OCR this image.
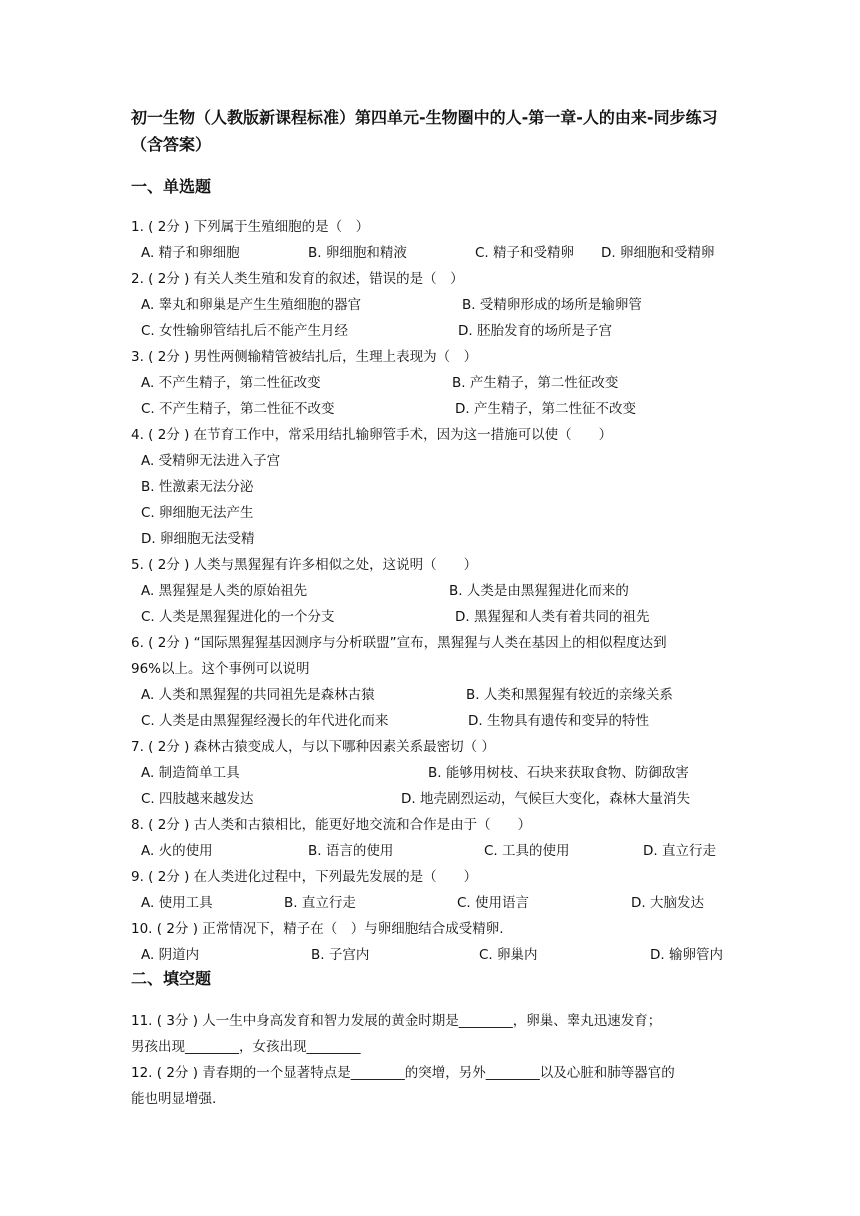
初一生物（人教版新课程标准）第四单元-生物圈中的人-第一章-人的由来-同步练习（含答案）
一、单选题
1. ( 2分 ) 下列属于生殖细胞的是（　）
A. 精子和卵细胞	B. 卵细胞和精液	C. 精子和受精卵 D. 卵细胞和受精卵
2. ( 2分 ) 有关人类生殖和发育的叙述，错误的是（　）
A. 睾丸和卵巢是产生生殖细胞的器官	B. 受精卵形成的场所是输卵管
C. 女性输卵管结扎后不能产生月经	D. 胚胎发育的场所是子宫
3. ( 2分 ) 男性两侧输精管被结扎后，生理上表现为（　）
A. 不产生精子，第二性征改变	B. 产生精子，第二性征改变
C. 不产生精子，第二性征不改变	D. 产生精子，第二性征不改变
4. ( 2分 ) 在节育工作中，常采用结扎输卵管手术，因为这一措施可以使（　　）
A. 受精卵无法进入子宫
B. 性激素无法分泌
C. 卵细胞无法产生
D. 卵细胞无法受精
5. ( 2分 ) 人类与黑猩猩有许多相似之处，这说明（　　）
A. 黑猩猩是人类的原始祖先	B. 人类是由黑猩猩进化而来的
C. 人类是黑猩猩进化的一个分支	D. 黑猩猩和人类有着共同的祖先
6. ( 2分 ) “国际黑猩猩基因测序与分析联盟”宣布，黑猩猩与人类在基因上的相似程度达到
96%以上。这个事例可以说明
A. 人类和黑猩猩的共同祖先是森林古猿	B. 人类和黑猩猩有较近的亲缘关系
C. 人类是由黑猩猩经漫长的年代进化而来	D. 生物具有遗传和变异的特性
7. ( 2分 ) 森林古猿变成人，与以下哪种因素关系最密切（ ）
A. 制造简单工具	B. 能够用树枝、石块来获取食物、防御敌害
C. 四肢越来越发达	D. 地壳剧烈运动，气候巨大变化，森林大量消失
8. ( 2分 ) 古人类和古猿相比，能更好地交流和合作是由于（　　）
A. 火的使用	B. 语言的使用	C. 工具的使用	D. 直立行走
9. ( 2分 ) 在人类进化过程中，下列最先发展的是（　　）
A. 使用工具	B. 直立行走	C. 使用语言	D. 大脑发达
10. ( 2分 ) 正常情况下，精子在（　）与卵细胞结合成受精卵.
A. 阴道内	B. 子宫内	C. 卵巢内	D. 输卵管内
二、填空题
11. ( 3分 ) 人一生中身高发育和智力发展的黄金时期是________，卵巢、睾丸迅速发育；
男孩出现________，女孩出现________
12. ( 2分 ) 青春期的一个显著特点是________的突增，另外________以及心脏和肺等器官的
能也明显增强.
